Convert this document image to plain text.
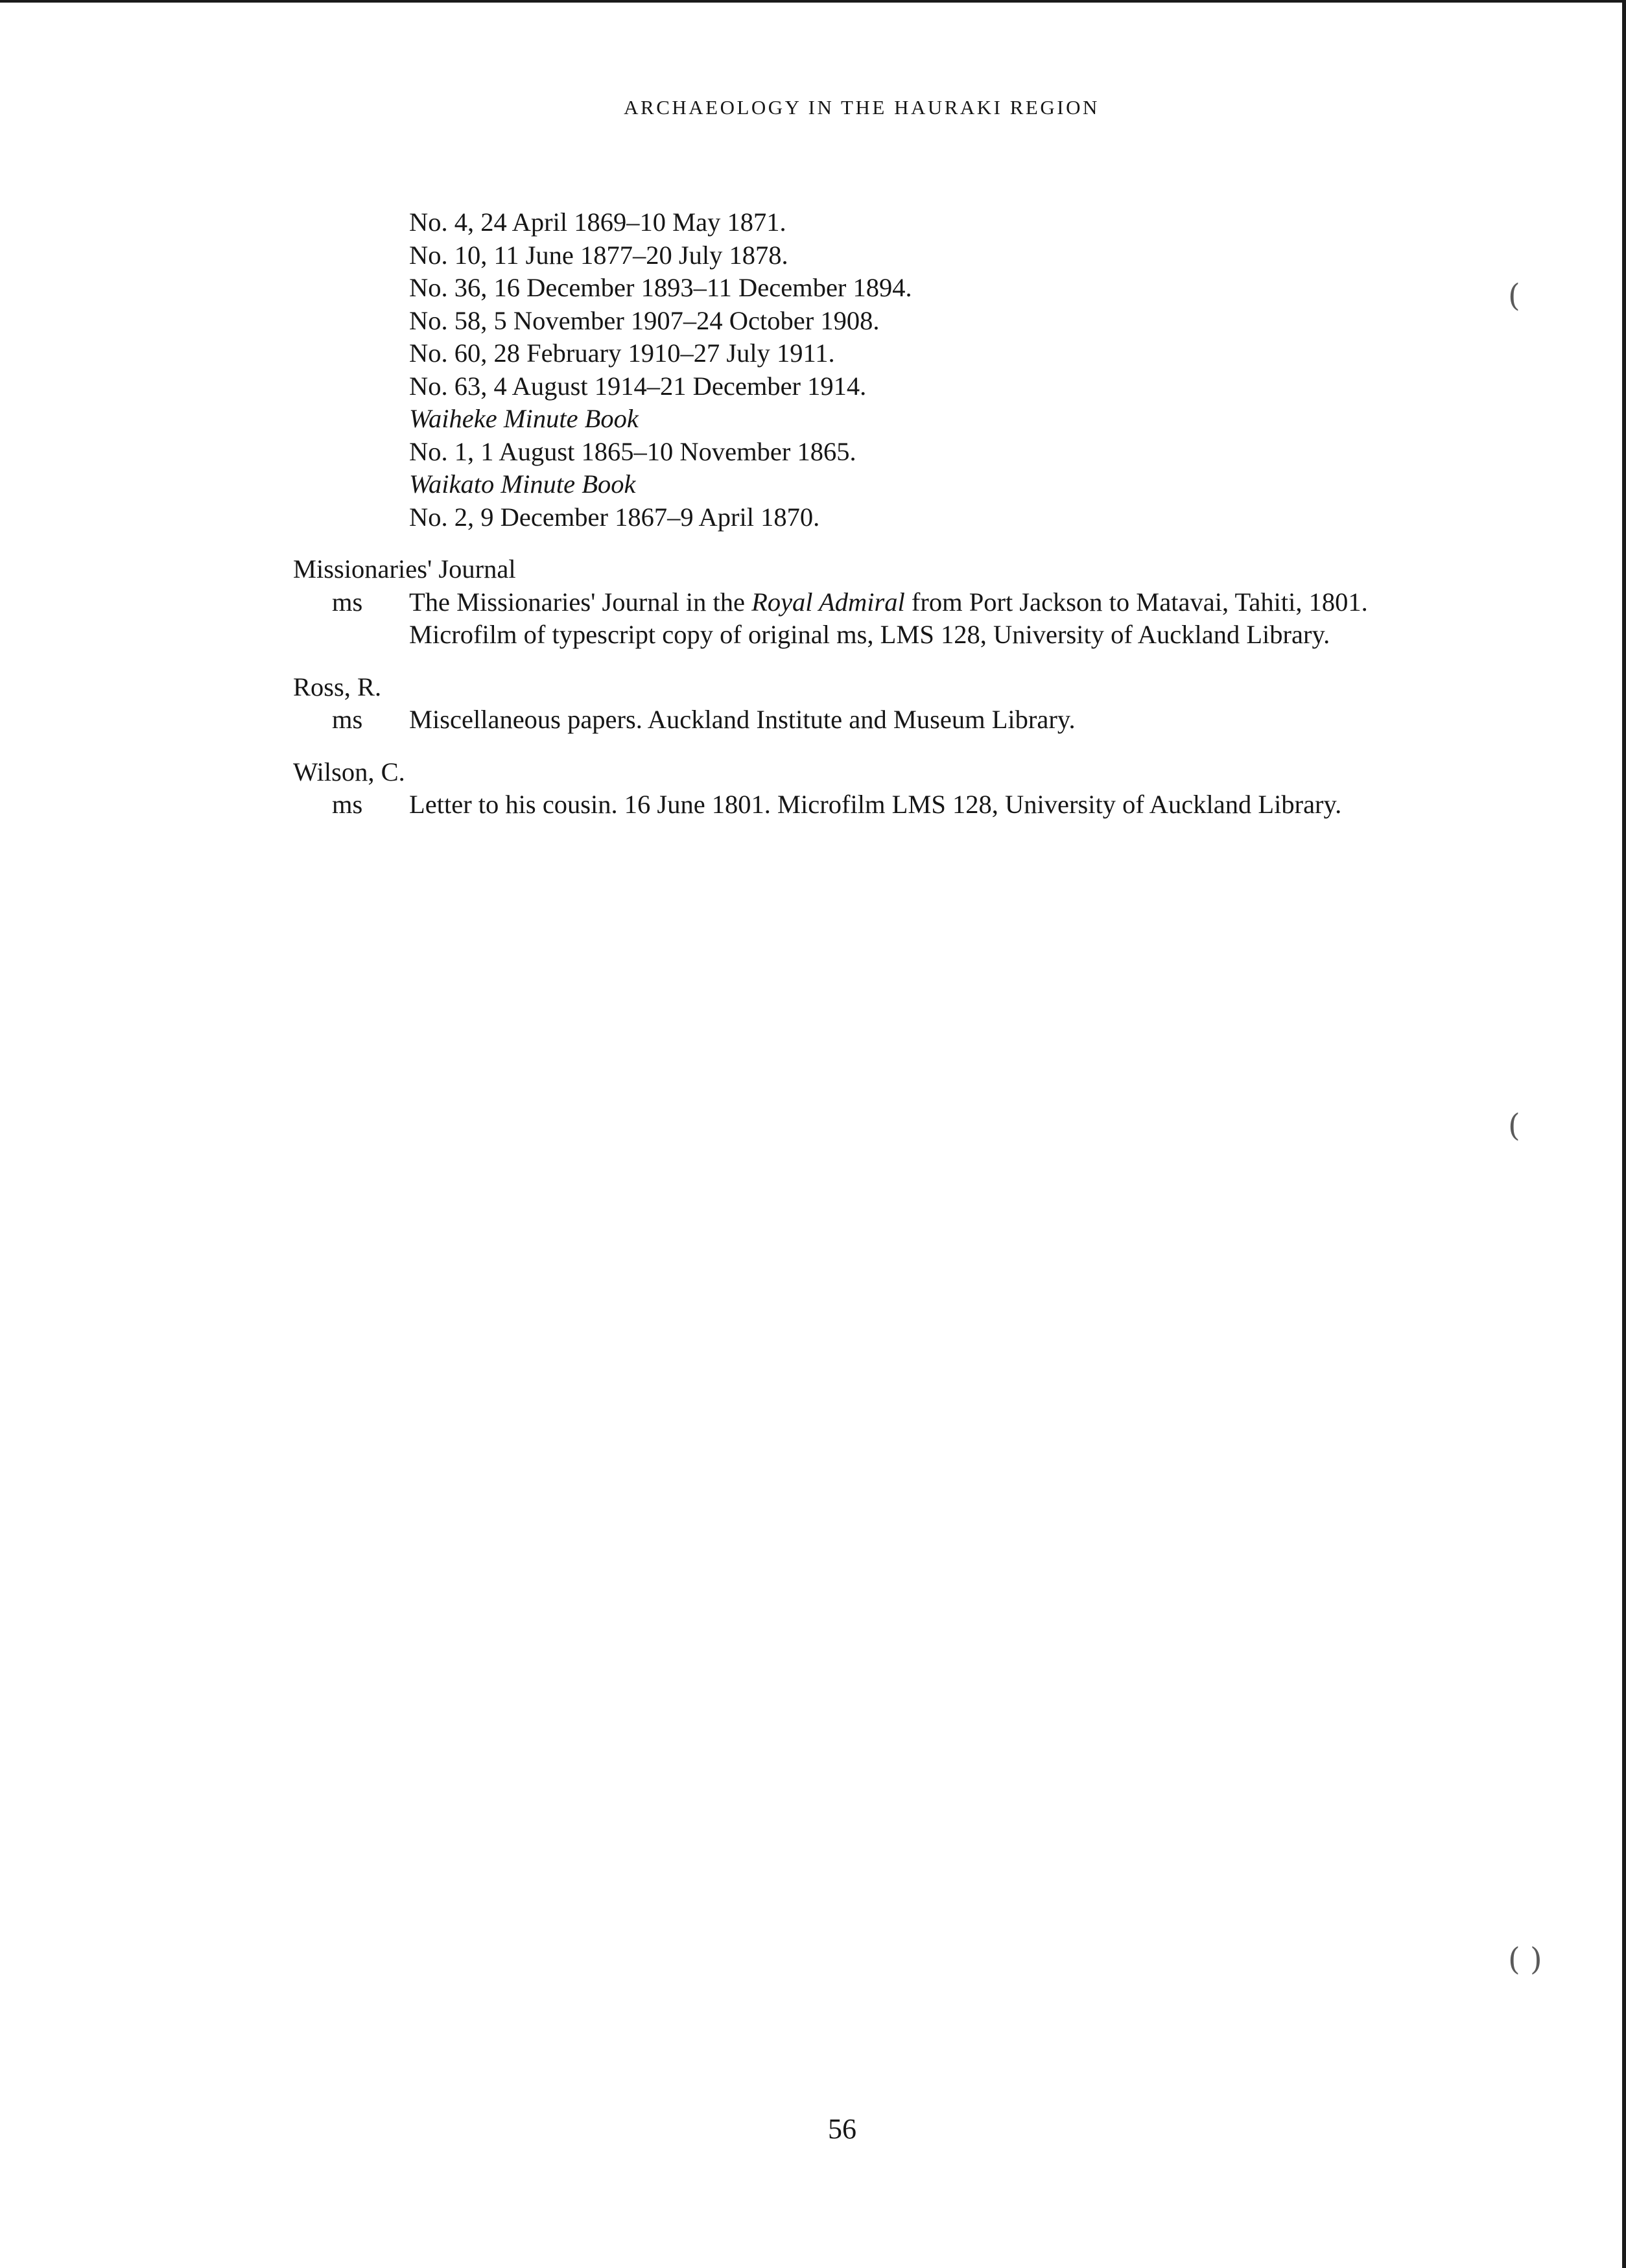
ARCHAEOLOGY IN THE HAURAKI REGION
No. 4, 24 April 1869–10 May 1871.
No. 10, 11 June 1877–20 July 1878.
No. 36, 16 December 1893–11 December 1894.
No. 58, 5 November 1907–24 October 1908.
No. 60, 28 February 1910–27 July 1911.
No. 63, 4 August 1914–21 December 1914.
Waiheke Minute Book
No. 1, 1 August 1865–10 November 1865.
Waikato Minute Book
No. 2, 9 December 1867–9 April 1870.
Missionaries' Journal
ms	The Missionaries' Journal in the Royal Admiral from Port Jackson to Matavai, Tahiti, 1801.
Microfilm of typescript copy of original ms, LMS 128, University of Auckland Library.
Ross, R.
ms	Miscellaneous papers. Auckland Institute and Museum Library.
Wilson, C.
ms	Letter to his cousin. 16 June 1801. Microfilm LMS 128, University of Auckland Library.
(
(
( )
56
